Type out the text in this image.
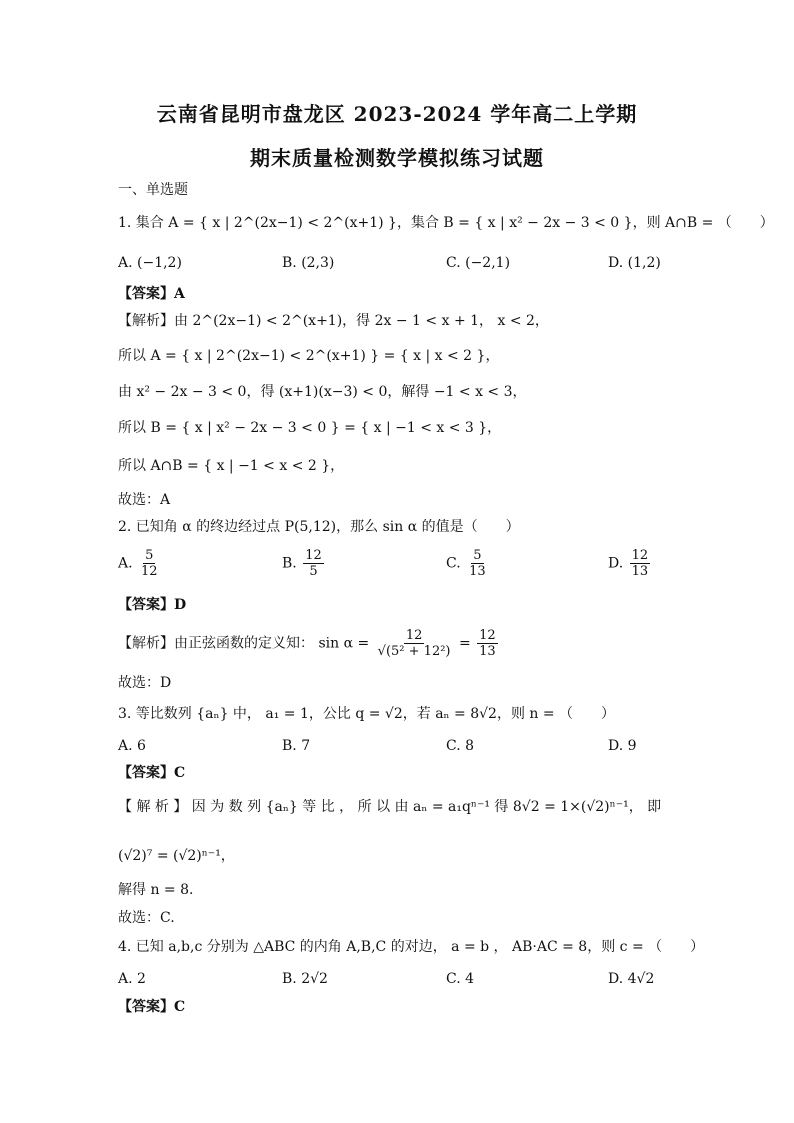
云南省昆明市盘龙区 2023-2024 学年高二上学期
期末质量检测数学模拟练习试题
一、单选题
1. 集合 A = { x | 2^(2x−1) < 2^(x+1) }，集合 B = { x | x² − 2x − 3 < 0 }，则 A∩B = （　　）
A. (−1,2)	B. (2,3)	C. (−2,1)	D. (1,2)
【答案】A
【解析】由 2^(2x−1) < 2^(x+1)，得 2x − 1 < x + 1， x < 2，
所以 A = { x | 2^(2x−1) < 2^(x+1) } = { x | x < 2 }，
由 x² − 2x − 3 < 0，得 (x+1)(x−3) < 0，解得 −1 < x < 3，
所以 B = { x | x² − 2x − 3 < 0 } = { x | −1 < x < 3 }，
所以 A∩B = { x | −1 < x < 2 }，
故选：A
2. 已知角 α 的终边经过点 P(5,12)，那么 sin α 的值是（　　）
A. $\frac{5}{12}$	B. $\frac{12}{5}$	C. $\frac{5}{13}$	D. $\frac{12}{13}$
【答案】D
【解析】由正弦函数的定义知： $\sin \alpha = \frac{12}{\text{√(5² + 12²)}} = \frac{12}{13}$
故选：D
3. 等比数列 {aₙ} 中， a₁ = 1，公比 q = √2，若 aₙ = 8√2，则 n = （　　）
A. 6	B. 7	C. 8	D. 9
【答案】C
【 解 析 】 因 为 数 列 {aₙ} 等 比 ， 所 以 由 aₙ = a₁qⁿ⁻¹ 得 8√2 = 1×(√2)ⁿ⁻¹， 即
(√2)⁷ = (√2)ⁿ⁻¹，
解得 n = 8.
故选：C.
4. 已知 a,b,c 分别为 △ABC 的内角 A,B,C 的对边， a = b ， AB·AC = 8，则 c = （　　）
A. 2	B. 2√2	C. 4	D. 4√2
【答案】C
